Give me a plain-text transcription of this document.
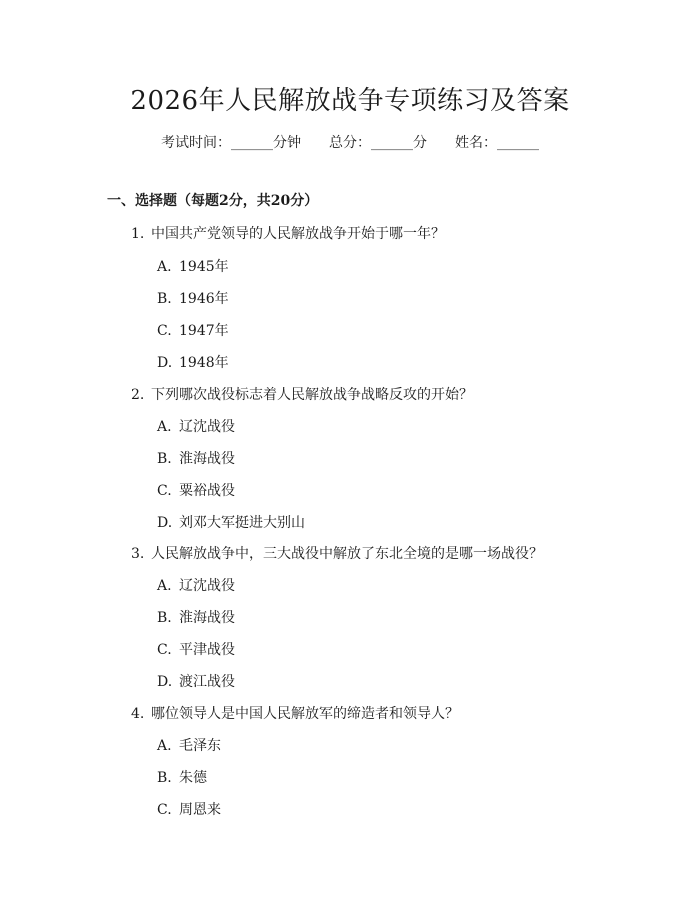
2026年人民解放战争专项练习及答案
考试时间：______分钟 总分：______分 姓名：______
一、选择题（每题2分，共20分）
1. 中国共产党领导的人民解放战争开始于哪一年？
A. 1945年
B. 1946年
C. 1947年
D. 1948年
2. 下列哪次战役标志着人民解放战争战略反攻的开始？
A. 辽沈战役
B. 淮海战役
C. 粟裕战役
D. 刘邓大军挺进大别山
3. 人民解放战争中，三大战役中解放了东北全境的是哪一场战役？
A. 辽沈战役
B. 淮海战役
C. 平津战役
D. 渡江战役
4. 哪位领导人是中国人民解放军的缔造者和领导人？
A. 毛泽东
B. 朱德
C. 周恩来
